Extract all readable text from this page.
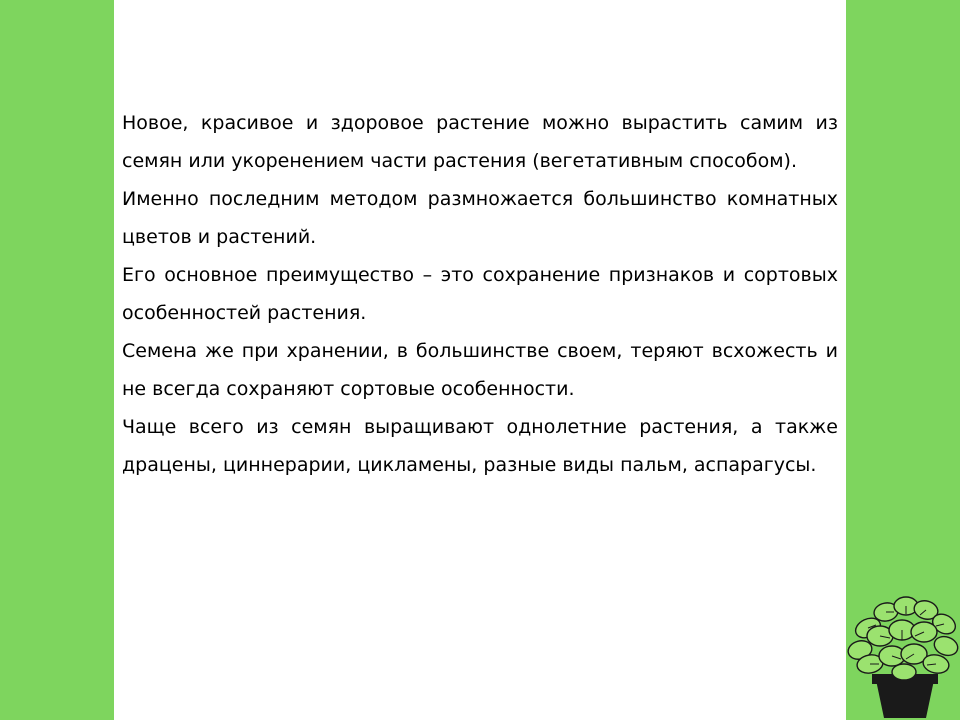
Новое, красивое и здоровое растение можно вырастить самим из семян или укоренением части растения (вегетативным способом).

Именно последним методом размножается большинство комнатных цветов и растений.

Его основное преимущество – это сохранение признаков и сортовых особенностей растения.

Семена же при хранении, в большинстве своем, теряют всхожесть и не всегда сохраняют сортовые особенности.

Чаще всего из семян выращивают однолетние растения, а также драцены, циннерарии, цикламены, разные виды пальм, аспарагусы.
